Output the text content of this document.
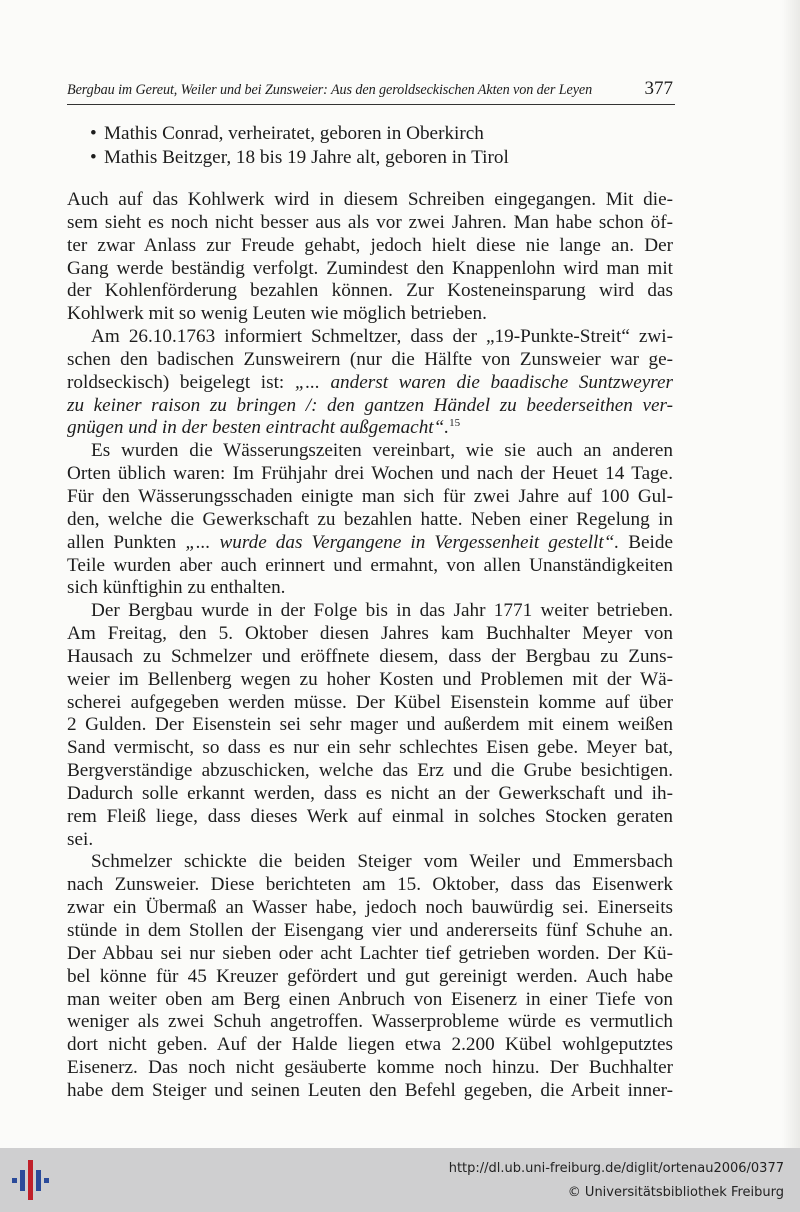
Bergbau im Gereut, Weiler und bei Zunsweier: Aus den geroldseckischen Akten von der Leyen	377
• Mathis Conrad, verheiratet, geboren in Oberkirch
• Mathis Beitzger, 18 bis 19 Jahre alt, geboren in Tirol
Auch auf das Kohlwerk wird in diesem Schreiben eingegangen. Mit die-
sem sieht es noch nicht besser aus als vor zwei Jahren. Man habe schon öf-
ter zwar Anlass zur Freude gehabt, jedoch hielt diese nie lange an. Der
Gang werde beständig verfolgt. Zumindest den Knappenlohn wird man mit
der Kohlenförderung bezahlen können. Zur Kosteneinsparung wird das
Kohlwerk mit so wenig Leuten wie möglich betrieben.
Am 26.10.1763 informiert Schmeltzer, dass der „19-Punkte-Streit“ zwi-
schen den badischen Zunsweirern (nur die Hälfte von Zunsweier war ge-
roldseckisch) beigelegt ist: „... anderst waren die baadische Suntzweyrer
zu keiner raison zu bringen /: den gantzen Händel zu beederseithen ver-
gnügen und in der besten eintracht außgemacht“.$^{15}$
Es wurden die Wässerungszeiten vereinbart, wie sie auch an anderen
Orten üblich waren: Im Frühjahr drei Wochen und nach der Heuet 14 Tage.
Für den Wässerungsschaden einigte man sich für zwei Jahre auf 100 Gul-
den, welche die Gewerkschaft zu bezahlen hatte. Neben einer Regelung in
allen Punkten „... wurde das Vergangene in Vergessenheit gestellt“. Beide
Teile wurden aber auch erinnert und ermahnt, von allen Unanständigkeiten
sich künftighin zu enthalten.
Der Bergbau wurde in der Folge bis in das Jahr 1771 weiter betrieben.
Am Freitag, den 5. Oktober diesen Jahres kam Buchhalter Meyer von
Hausach zu Schmelzer und eröffnete diesem, dass der Bergbau zu Zuns-
weier im Bellenberg wegen zu hoher Kosten und Problemen mit der Wä-
scherei aufgegeben werden müsse. Der Kübel Eisenstein komme auf über
2 Gulden. Der Eisenstein sei sehr mager und außerdem mit einem weißen
Sand vermischt, so dass es nur ein sehr schlechtes Eisen gebe. Meyer bat,
Bergverständige abzuschicken, welche das Erz und die Grube besichtigen.
Dadurch solle erkannt werden, dass es nicht an der Gewerkschaft und ih-
rem Fleiß liege, dass dieses Werk auf einmal in solches Stocken geraten
sei.
Schmelzer schickte die beiden Steiger vom Weiler und Emmersbach
nach Zunsweier. Diese berichteten am 15. Oktober, dass das Eisenwerk
zwar ein Übermaß an Wasser habe, jedoch noch bauwürdig sei. Einerseits
stünde in dem Stollen der Eisengang vier und andererseits fünf Schuhe an.
Der Abbau sei nur sieben oder acht Lachter tief getrieben worden. Der Kü-
bel könne für 45 Kreuzer gefördert und gut gereinigt werden. Auch habe
man weiter oben am Berg einen Anbruch von Eisenerz in einer Tiefe von
weniger als zwei Schuh angetroffen. Wasserprobleme würde es vermutlich
dort nicht geben. Auf der Halde liegen etwa 2.200 Kübel wohlgeputztes
Eisenerz. Das noch nicht gesäuberte komme noch hinzu. Der Buchhalter
habe dem Steiger und seinen Leuten den Befehl gegeben, die Arbeit inner-
http://dl.ub.uni-freiburg.de/diglit/ortenau2006/0377
© Universitätsbibliothek Freiburg
